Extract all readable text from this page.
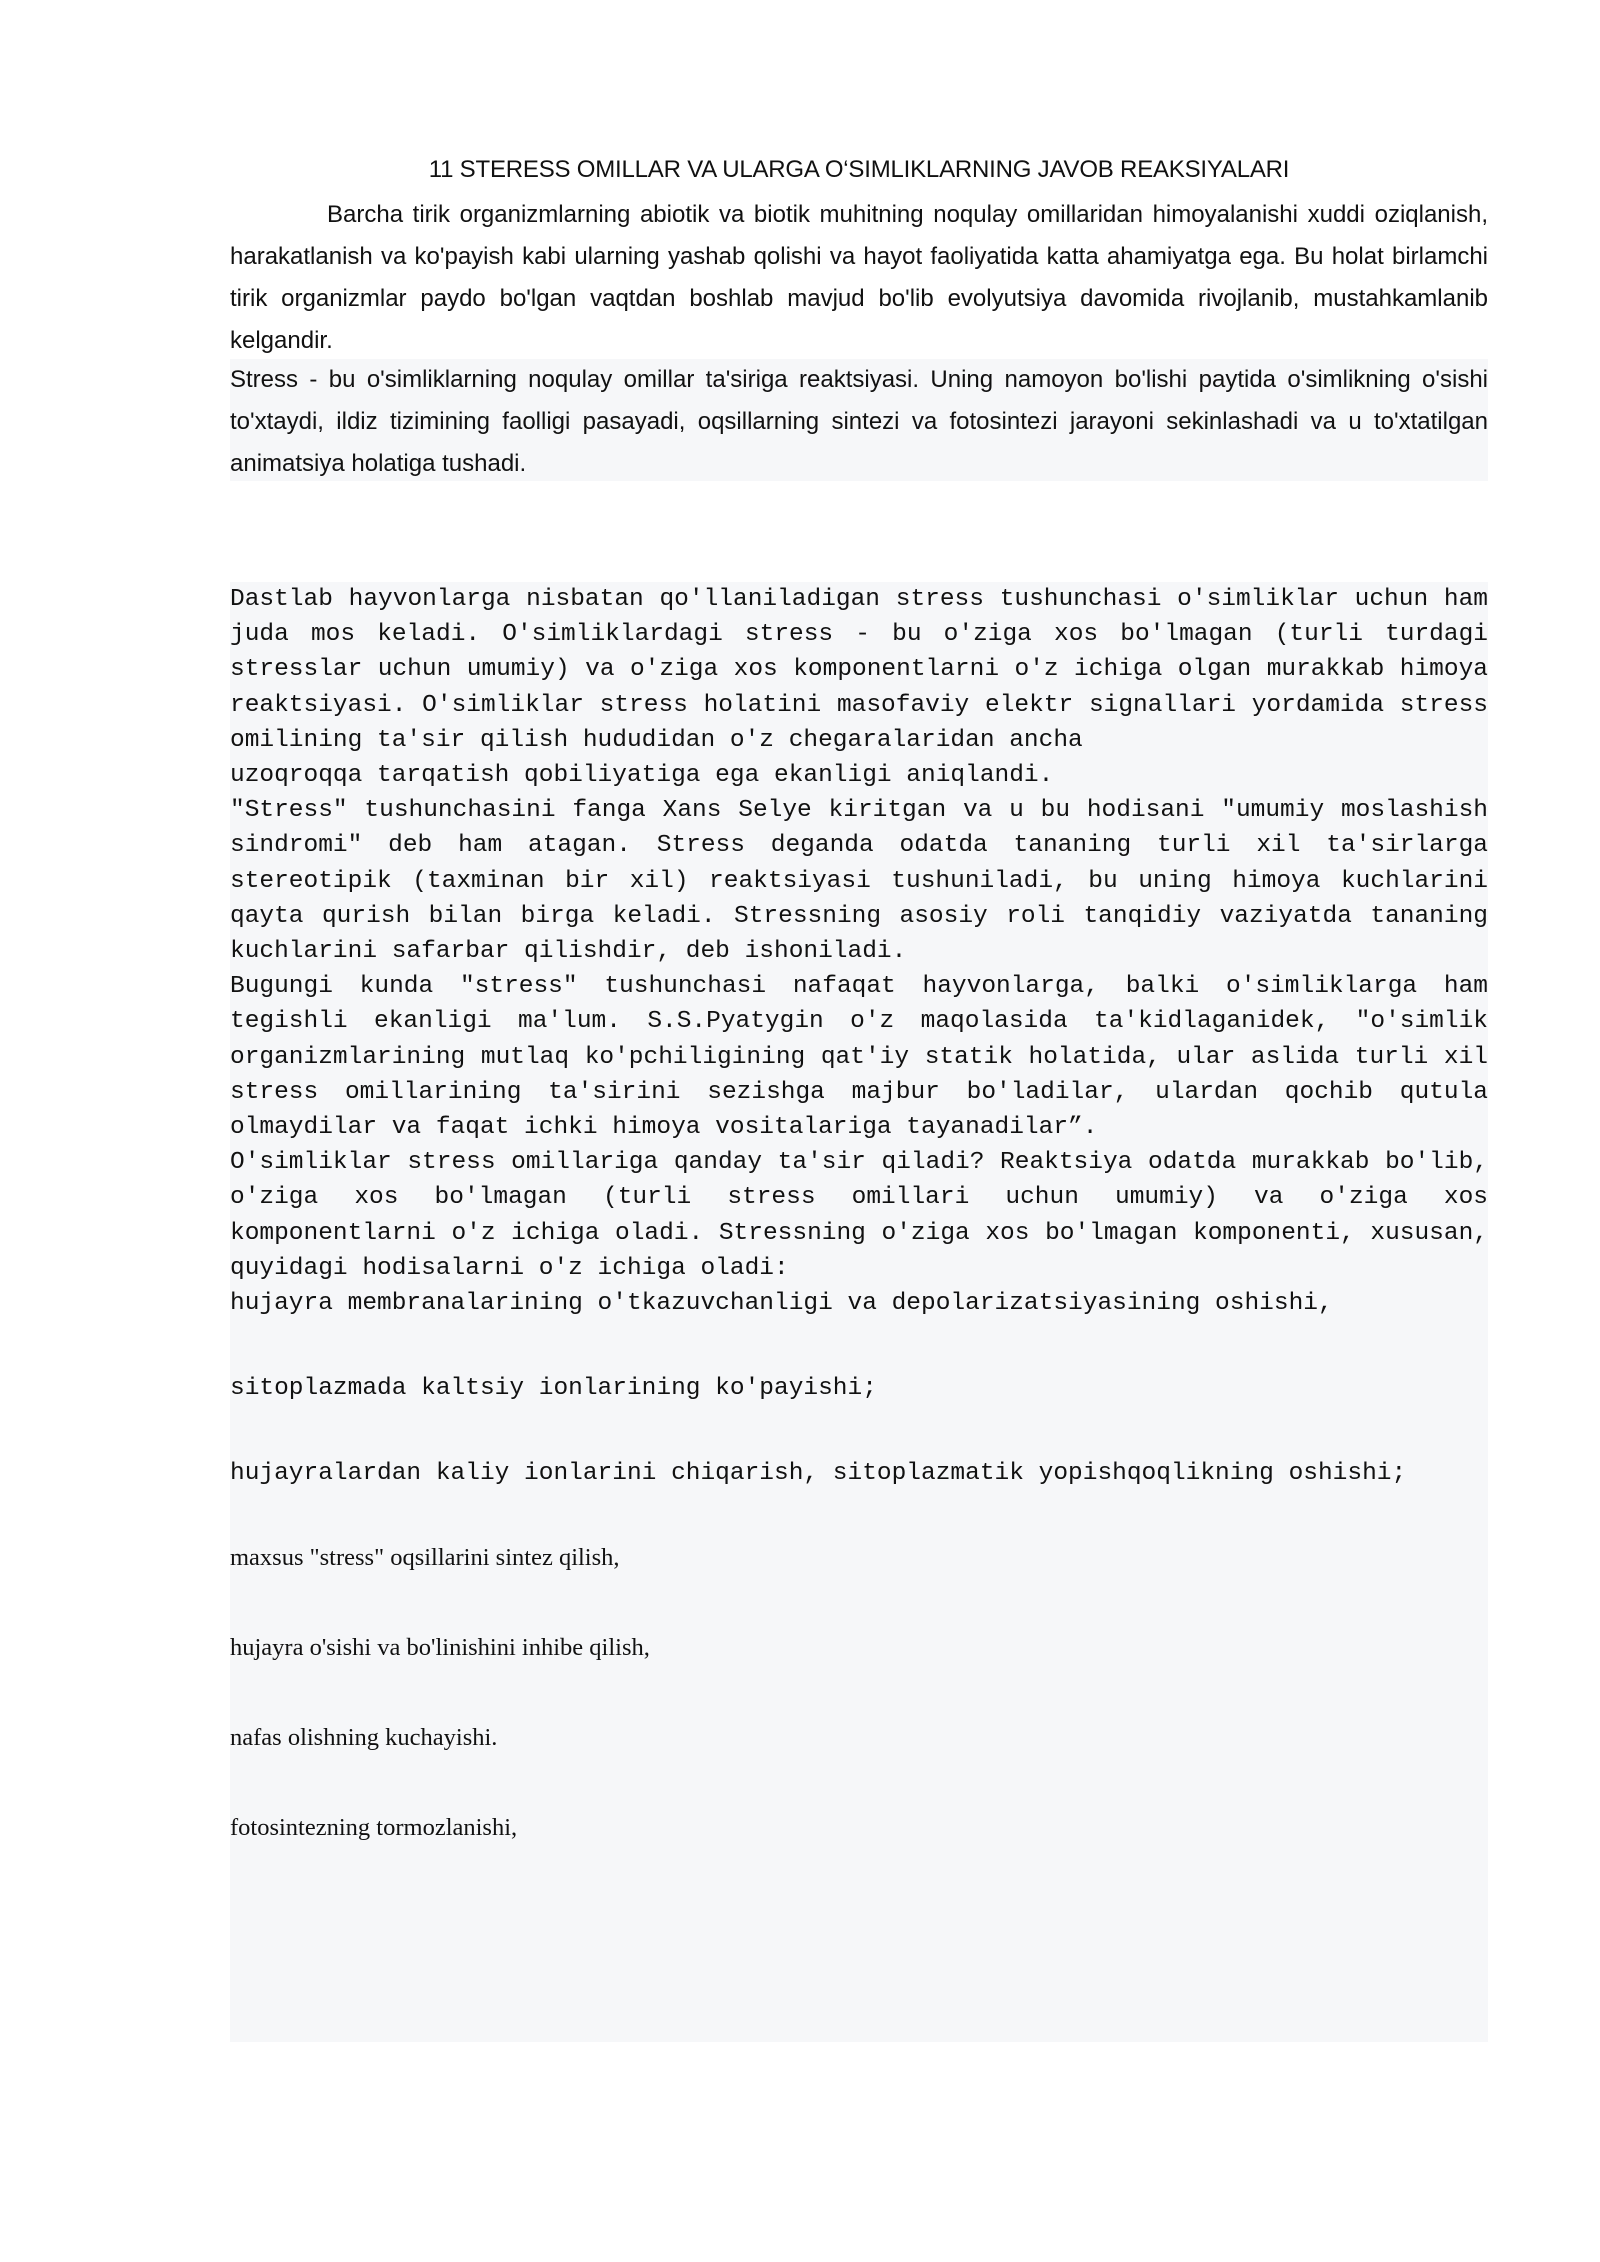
11 STERESS OMILLAR VA ULARGA O‘SIMLIKLARNING JAVOB REAKSIYALARI

Barcha tirik organizmlarning abiotik va biotik muhitning noqulay omillaridan himoyalanishi xuddi oziqlanish, harakatlanish va ko'payish kabi ularning yashab qolishi va hayot faoliyatida katta ahamiyatga ega. Bu holat birlamchi tirik organizmlar paydo bo'lgan vaqtdan boshlab mavjud bo'lib evolyutsiya davomida rivojlanib, mustahkamlanib kelgandir.

Stress - bu o'simliklarning noqulay omillar ta'siriga reaktsiyasi. Uning namoyon bo'lishi paytida o'simlikning o'sishi to'xtaydi, ildiz tizimining faolligi pasayadi, oqsillarning sintezi va fotosintezi jarayoni sekinlashadi va u to'xtatilgan animatsiya holatiga tushadi.

Dastlab hayvonlarga nisbatan qo'llaniladigan stress tushunchasi o'simliklar uchun ham juda mos keladi. O'simliklardagi stress - bu o'ziga xos bo'lmagan (turli turdagi stresslar uchun umumiy) va o'ziga xos komponentlarni o'z ichiga olgan murakkab himoya reaktsiyasi. O'simliklar stress holatini masofaviy elektr signallari yordamida stress omilining ta'sir qilish hududidan o'z chegaralaridan ancha

uzoqroqqa tarqatish qobiliyatiga ega ekanligi aniqlandi.

"Stress" tushunchasini fanga Xans Selye kiritgan va u bu hodisani "umumiy moslashish sindromi" deb ham atagan. Stress deganda odatda tananing turli xil ta'sirlarga stereotipik (taxminan bir xil) reaktsiyasi tushuniladi, bu uning himoya kuchlarini qayta qurish bilan birga keladi. Stressning asosiy roli tanqidiy vaziyatda tananing kuchlarini safarbar qilishdir, deb ishoniladi.

Bugungi kunda "stress" tushunchasi nafaqat hayvonlarga, balki o'simliklarga ham tegishli ekanligi ma'lum. S.S.Pyatygin o'z maqolasida ta'kidlaganidek, "o'simlik organizmlarining mutlaq ko'pchiligining qat'iy statik holatida, ular aslida turli xil stress omillarining ta'sirini sezishga majbur bo'ladilar, ulardan qochib qutula olmaydilar va faqat ichki himoya vositalariga tayanadilar”.

O'simliklar stress omillariga qanday ta'sir qiladi? Reaktsiya odatda murakkab bo'lib, o'ziga xos bo'lmagan (turli stress omillari uchun umumiy) va o'ziga xos komponentlarni o'z ichiga oladi. Stressning o'ziga xos bo'lmagan komponenti, xususan, quyidagi hodisalarni o'z ichiga oladi:

hujayra membranalarining o'tkazuvchanligi va depolarizatsiyasining oshishi,

sitoplazmada kaltsiy ionlarining ko'payishi;

hujayralardan kaliy ionlarini chiqarish, sitoplazmatik yopishqoqlikning oshishi;

maxsus "stress" oqsillarini sintez qilish,

hujayra o'sishi va bo'linishini inhibe qilish,

nafas olishning kuchayishi.

fotosintezning tormozlanishi,
